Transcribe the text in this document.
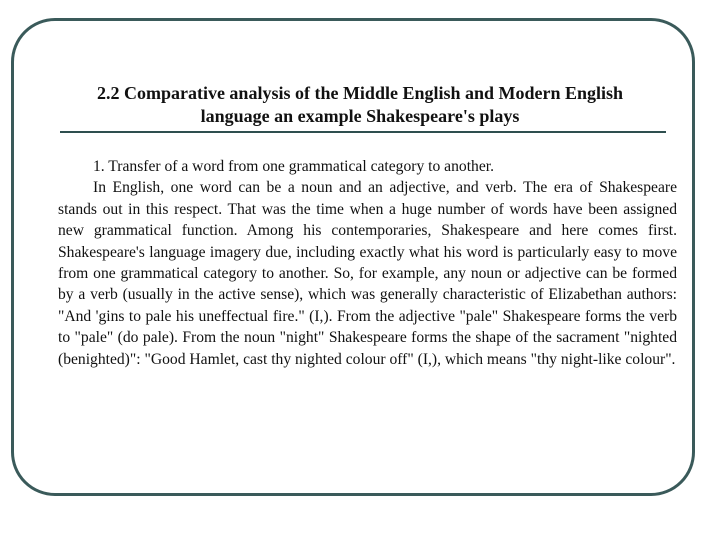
2.2 Comparative analysis of the Middle English and Modern English
language an example Shakespeare's plays

1. Transfer of a word from one grammatical category to another.

In English, one word can be a noun and an adjective, and verb. The era of Shakespeare stands out in this respect. That was the time when a huge number of words have been assigned new grammatical function. Among his contemporaries, Shakespeare and here comes first. Shakespeare's language imagery due, including exactly what his word is particularly easy to move from one grammatical category to another. So, for example, any noun or adjective can be formed by a verb (usually in the active sense), which was generally characteristic of Elizabethan authors: "And 'gins to pale his uneffectual fire." (I,). From the adjective "pale" Shakespeare forms the verb to "pale" (do pale). From the noun "night" Shakespeare forms the shape of the sacrament "nighted (benighted)": "Good Hamlet, cast thy nighted colour off" (I,), which means "thy night-like colour".
